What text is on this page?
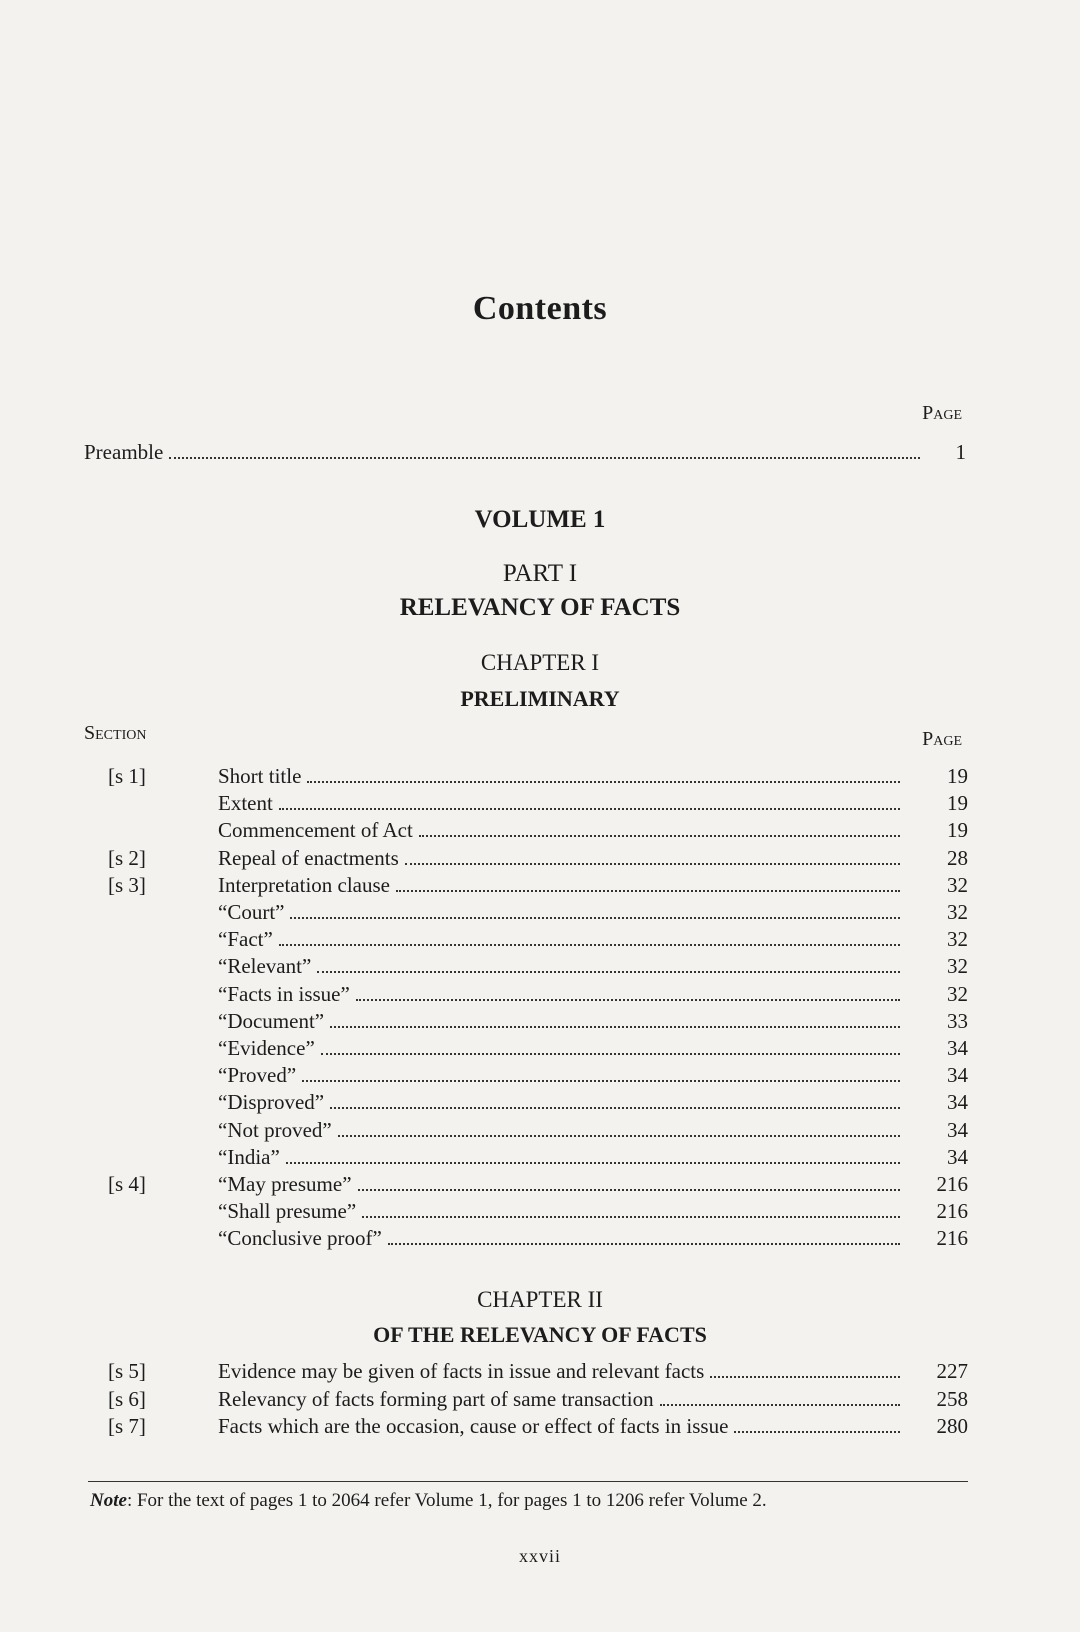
Contents
Page
Preamble	1
VOLUME 1
PART I
RELEVANCY OF FACTS
CHAPTER I
PRELIMINARY
Section	Page
[s 1]	Short title	19
Extent	19
Commencement of Act	19
[s 2]	Repeal of enactments	28
[s 3]	Interpretation clause	32
“Court”	32
“Fact”	32
“Relevant”	32
“Facts in issue”	32
“Document”	33
“Evidence”	34
“Proved”	34
“Disproved”	34
“Not proved”	34
“India”	34
[s 4]	“May presume”	216
“Shall presume”	216
“Conclusive proof”	216
CHAPTER II
OF THE RELEVANCY OF FACTS
[s 5]	Evidence may be given of facts in issue and relevant facts	227
[s 6]	Relevancy of facts forming part of same transaction	258
[s 7]	Facts which are the occasion, cause or effect of facts in issue	280
Note: For the text of pages 1 to 2064 refer Volume 1, for pages 1 to 1206 refer Volume 2.
xxvii
